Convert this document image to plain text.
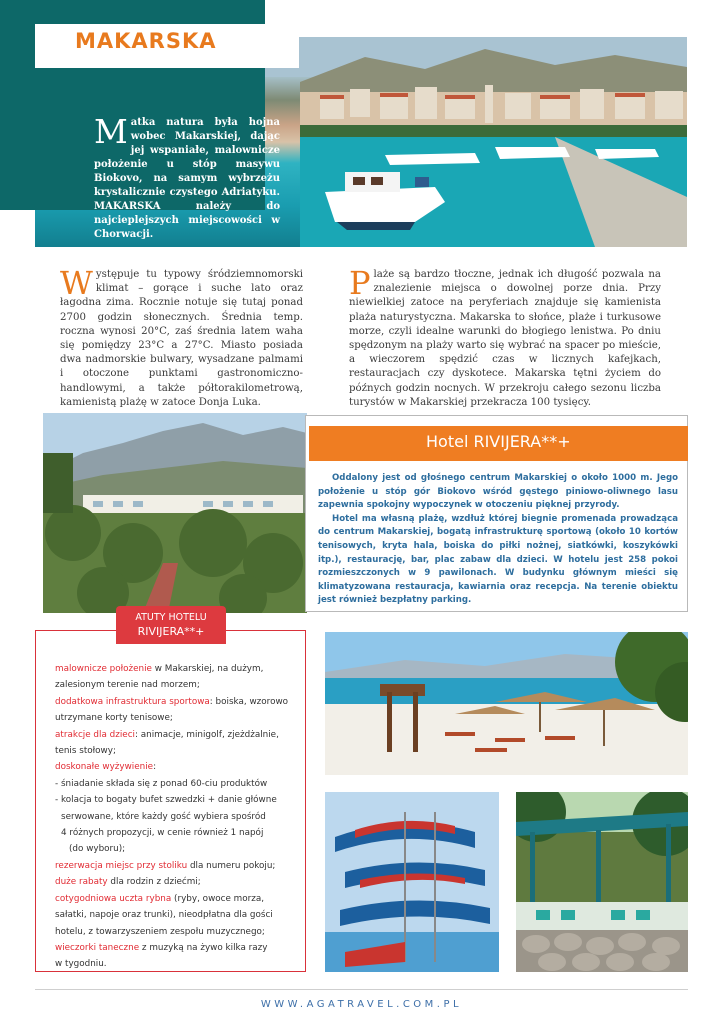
MAKARSKA
Matka natura była hojna wobec Makarskiej, dając jej wspaniałe, malownicze położenie u stóp masywu Biokovo, na samym wybrzeżu krystalicznie czystego Adriatyku. MAKARSKA należy do najcieplejszych miejscowości w Chorwacji.
Występuje tu typowy śródziemnomorski klimat – gorące i suche lato oraz łagodna zima. Rocznie notuje się tutaj ponad 2700 godzin słonecznych. Średnia temp. roczna wynosi 20°C, zaś średnia latem waha się pomiędzy 23°C a 27°C. Miasto posiada dwa nadmorskie bulwary, wysadzane palmami i otoczone punktami gastronomiczno-handlowymi, a także półtorakilometrową, kamienistą plażę w zatoce Donja Luka.
Plaże są bardzo tłoczne, jednak ich długość pozwala na znalezienie miejsca o dowolnej porze dnia. Przy niewielkiej zatoce na peryferiach znajduje się kamienista plaża naturystyczna. Makarska to słońce, plaże i turkusowe morze, czyli idealne warunki do błogiego lenistwa. Po dniu spędzonym na plaży warto się wybrać na spacer po mieście, a wieczorem spędzić czas w licznych kafejkach, restauracjach czy dyskotece. Makarska tętni życiem do późnych godzin nocnych. W przekroju całego sezonu liczba turystów w Makarskiej przekracza 100 tysięcy.
Hotel RIVIJERA**+

Oddalony jest od głośnego centrum Makarskiej o około 1000 m. Jego położenie u stóp gór Biokovo wśród gęstego piniowo-oliwnego lasu zapewnia spokojny wypoczynek w otoczeniu pięknej przyrody.

Hotel ma własną plażę, wzdłuż której biegnie promenada prowadząca do centrum Makarskiej, bogatą infrastrukturę sportową (około 10 kortów tenisowych, kryta hala, boiska do piłki nożnej, siatkówki, koszykówki itp.), restaurację, bar, plac zabaw dla dzieci. W hotelu jest 258 pokoi rozmieszczonych w 9 pawilonach. W budynku głównym mieści się klimatyzowana restauracja, kawiarnia oraz recepcja. Na terenie obiektu jest również bezpłatny parking.

ATUTY HOTELU
RIVIJERA**+
malownicze położenie w Makarskiej, na dużym,
zalesionym terenie nad morzem;
dodatkowa infrastruktura sportowa: boiska, wzorowo
utrzymane korty tenisowe;
atrakcje dla dzieci: animacje, minigolf, zjeżdżalnie,
tenis stołowy;
doskonałe wyżywienie:
- śniadanie składa się z ponad 60-ciu produktów
- kolacja to bogaty bufet szwedzki + danie główne
serwowane, które każdy gość wybiera spośród
4 różnych propozycji, w cenie również 1 napój
(do wyboru);
rezerwacja miejsc przy stoliku dla numeru pokoju;
duże rabaty dla rodzin z dziećmi;
cotygodniowa uczta rybna (ryby, owoce morza,
sałatki, napoje oraz trunki), nieodpłatna dla gości
hotelu, z towarzyszeniem zespołu muzycznego;
wieczorki taneczne z muzyką na żywo kilka razy
w tygodniu.
WWW.AGATRAVEL.COM.PL
